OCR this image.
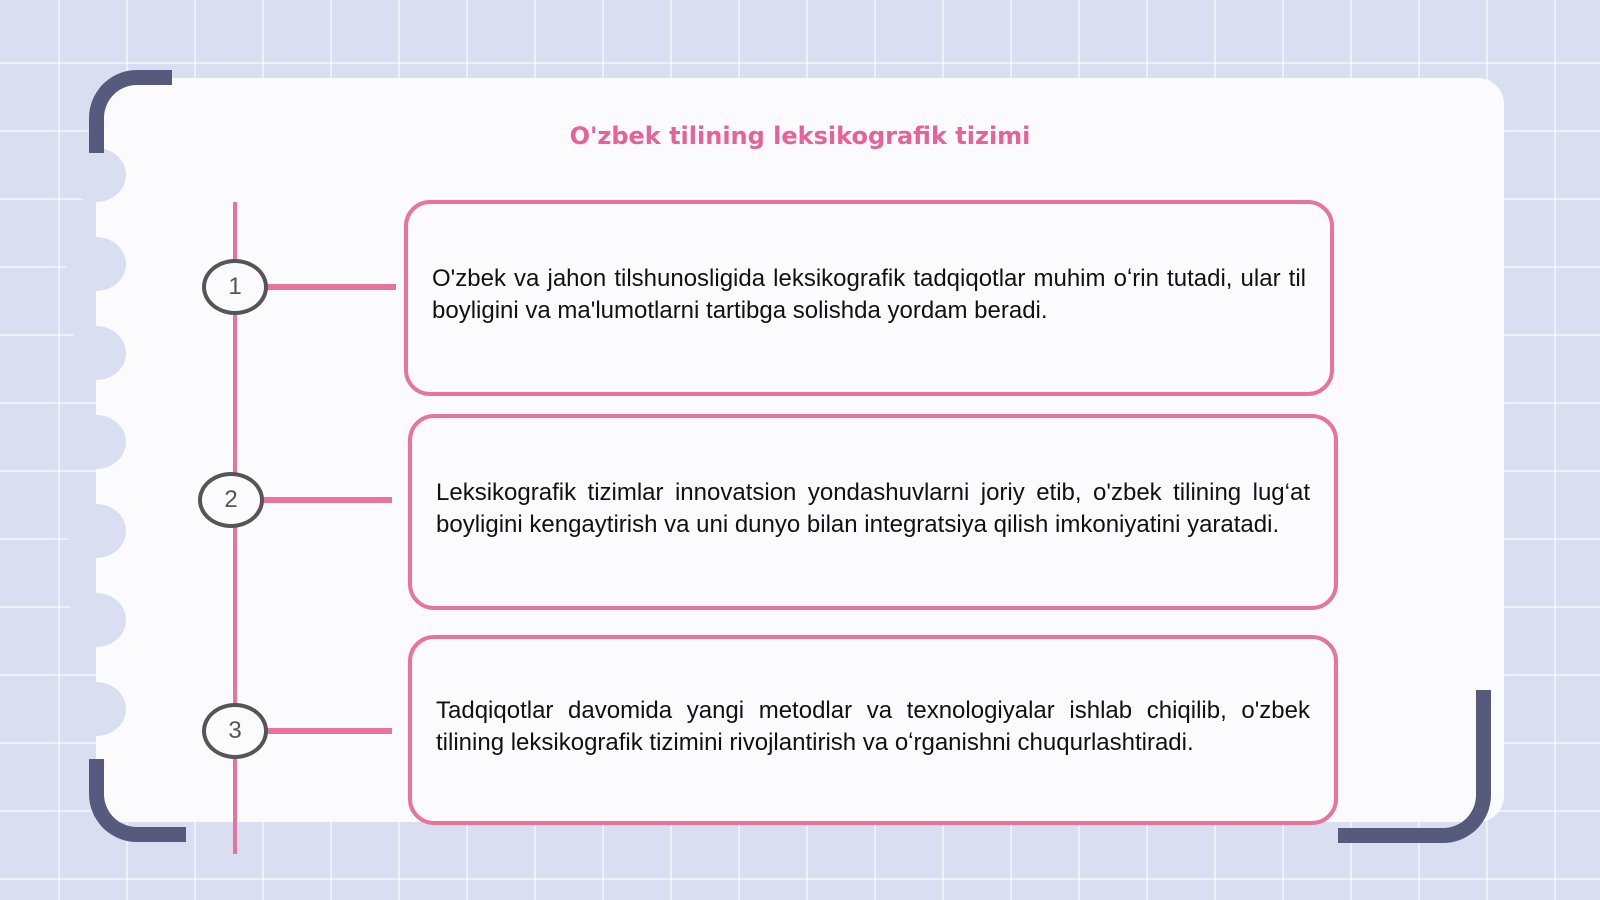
O'zbek tilining leksikografik tizimi
1	O'zbek va jahon tilshunosligida leksikografik tadqiqotlar muhim oʻrin tutadi, ular til boyligini va ma'lumotlarni tartibga solishda yordam beradi.
2	Leksikografik tizimlar innovatsion yondashuvlarni joriy etib, o'zbek tilining lug‘at boyligini kengaytirish va uni dunyo bilan integratsiya qilish imkoniyatini yaratadi.
3
Tadqiqotlar davomida yangi metodlar va texnologiyalar ishlab chiqilib, o'zbek tilining leksikografik tizimini rivojlantirish va oʻrganishni chuqurlashtiradi.
